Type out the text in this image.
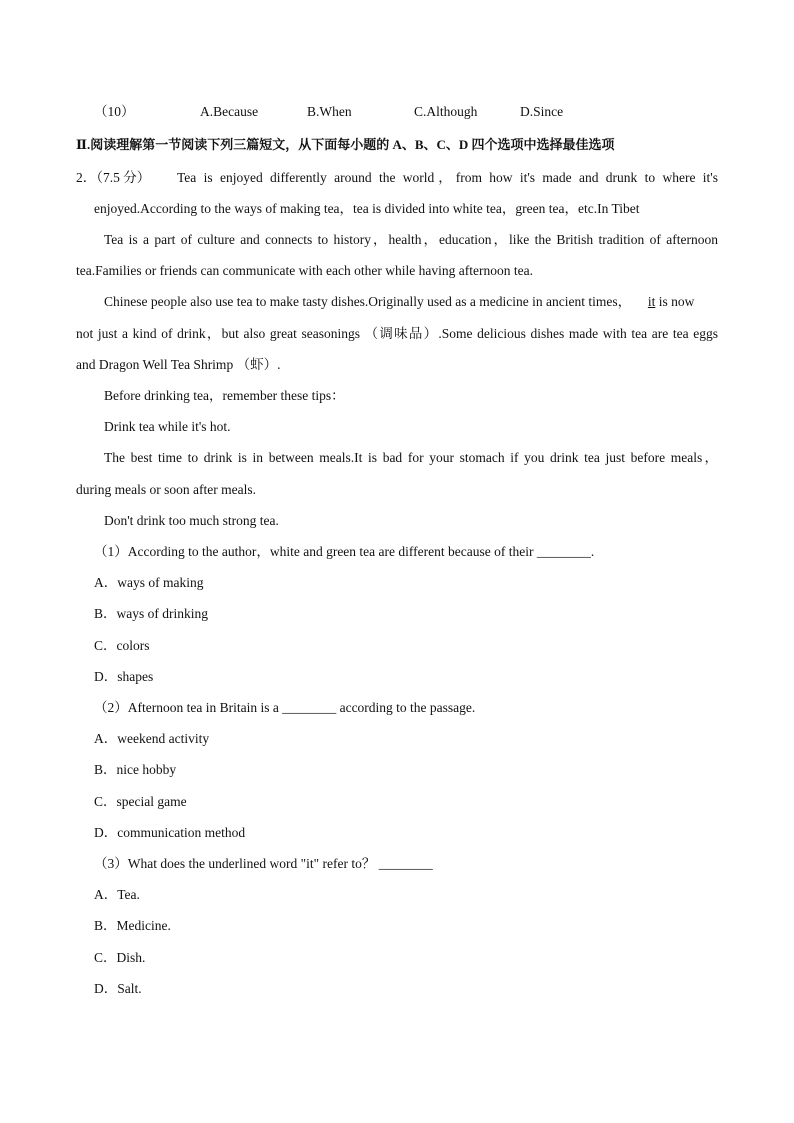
（10）	A.Because	B.When	C.Although	D.Since
Ⅱ.阅读理解第一节阅读下列三篇短文，从下面每小题的 A、B、C、D 四个选项中选择最佳选项
2．（7.5 分） Tea is enjoyed differently around the world，from how it's made and drunk to where it's
enjoyed.According to the ways of making tea，tea is divided into white tea，green tea，etc.In Tibet
Tea is a part of culture and connects to history，health，education，like the British tradition of afternoon
tea.Families or friends can communicate with each other while having afternoon tea.
Chinese people also use tea to make tasty dishes.Originally used as a medicine in ancient times， it is now
not just a kind of drink，but also great seasonings （调味品）.Some delicious dishes made with tea are tea eggs
and Dragon Well Tea Shrimp （虾）.
Before drinking tea，remember these tips：
Drink tea while it's hot.
The best time to drink is in between meals.It is bad for your stomach if you drink tea just before meals，
during meals or soon after meals.
Don't drink too much strong tea.
（1）According to the author，white and green tea are different because of their ________.
A．ways of making
B．ways of drinking
C．colors
D．shapes
（2）Afternoon tea in Britain is a ________ according to the passage.
A．weekend activity
B．nice hobby
C．special game
D．communication method
（3）What does the underlined word "it" refer to？ ________
A．Tea.
B．Medicine.
C．Dish.
D．Salt.
